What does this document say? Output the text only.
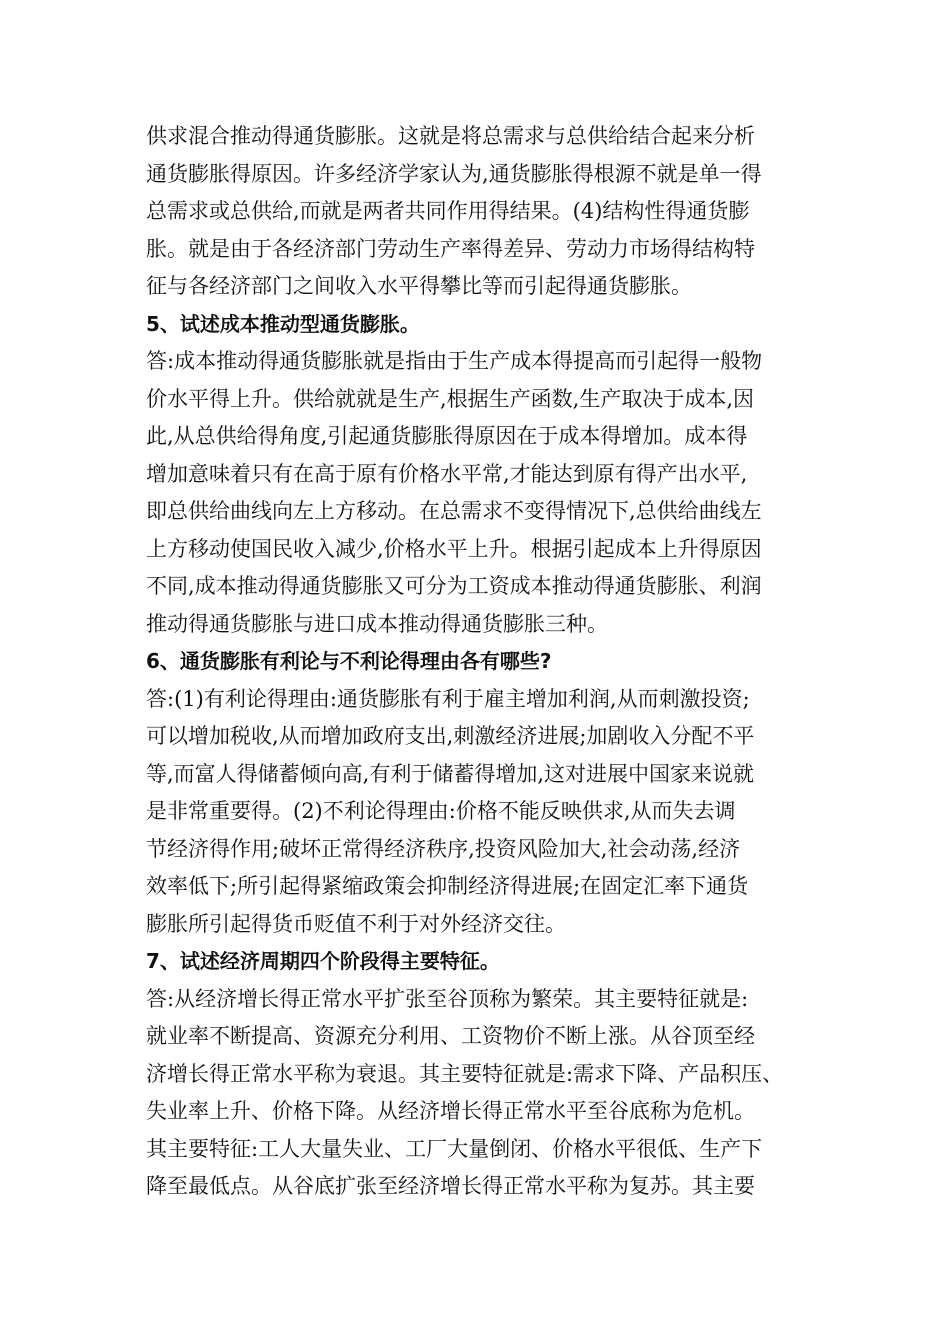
供求混合推动得通货膨胀。这就是将总需求与总供给结合起来分析
通货膨胀得原因。许多经济学家认为,通货膨胀得根源不就是单一得
总需求或总供给,而就是两者共同作用得结果。(4)结构性得通货膨
胀。就是由于各经济部门劳动生产率得差异、劳动力市场得结构特
征与各经济部门之间收入水平得攀比等而引起得通货膨胀。
5、试述成本推动型通货膨胀。
答:成本推动得通货膨胀就是指由于生产成本得提高而引起得一般物
价水平得上升。供给就就是生产,根据生产函数,生产取决于成本,因
此,从总供给得角度,引起通货膨胀得原因在于成本得增加。成本得
增加意味着只有在高于原有价格水平常,才能达到原有得产出水平,
即总供给曲线向左上方移动。在总需求不变得情况下,总供给曲线左
上方移动使国民收入减少,价格水平上升。根据引起成本上升得原因
不同,成本推动得通货膨胀又可分为工资成本推动得通货膨胀、利润
推动得通货膨胀与进口成本推动得通货膨胀三种。
6、通货膨胀有利论与不利论得理由各有哪些?
答:(1)有利论得理由:通货膨胀有利于雇主增加利润,从而刺激投资;
可以增加税收,从而增加政府支出,刺激经济进展;加剧收入分配不平
等,而富人得储蓄倾向高,有利于储蓄得增加,这对进展中国家来说就
是非常重要得。(2)不利论得理由:价格不能反映供求,从而失去调
节经济得作用;破坏正常得经济秩序,投资风险加大,社会动荡,经济
效率低下;所引起得紧缩政策会抑制经济得进展;在固定汇率下通货
膨胀所引起得货币贬值不利于对外经济交往。
7、试述经济周期四个阶段得主要特征。
答:从经济增长得正常水平扩张至谷顶称为繁荣。其主要特征就是:
就业率不断提高、资源充分利用、工资物价不断上涨。从谷顶至经
济增长得正常水平称为衰退。其主要特征就是:需求下降、产品积压、
失业率上升、价格下降。从经济增长得正常水平至谷底称为危机。
其主要特征:工人大量失业、工厂大量倒闭、价格水平很低、生产下
降至最低点。从谷底扩张至经济增长得正常水平称为复苏。其主要
